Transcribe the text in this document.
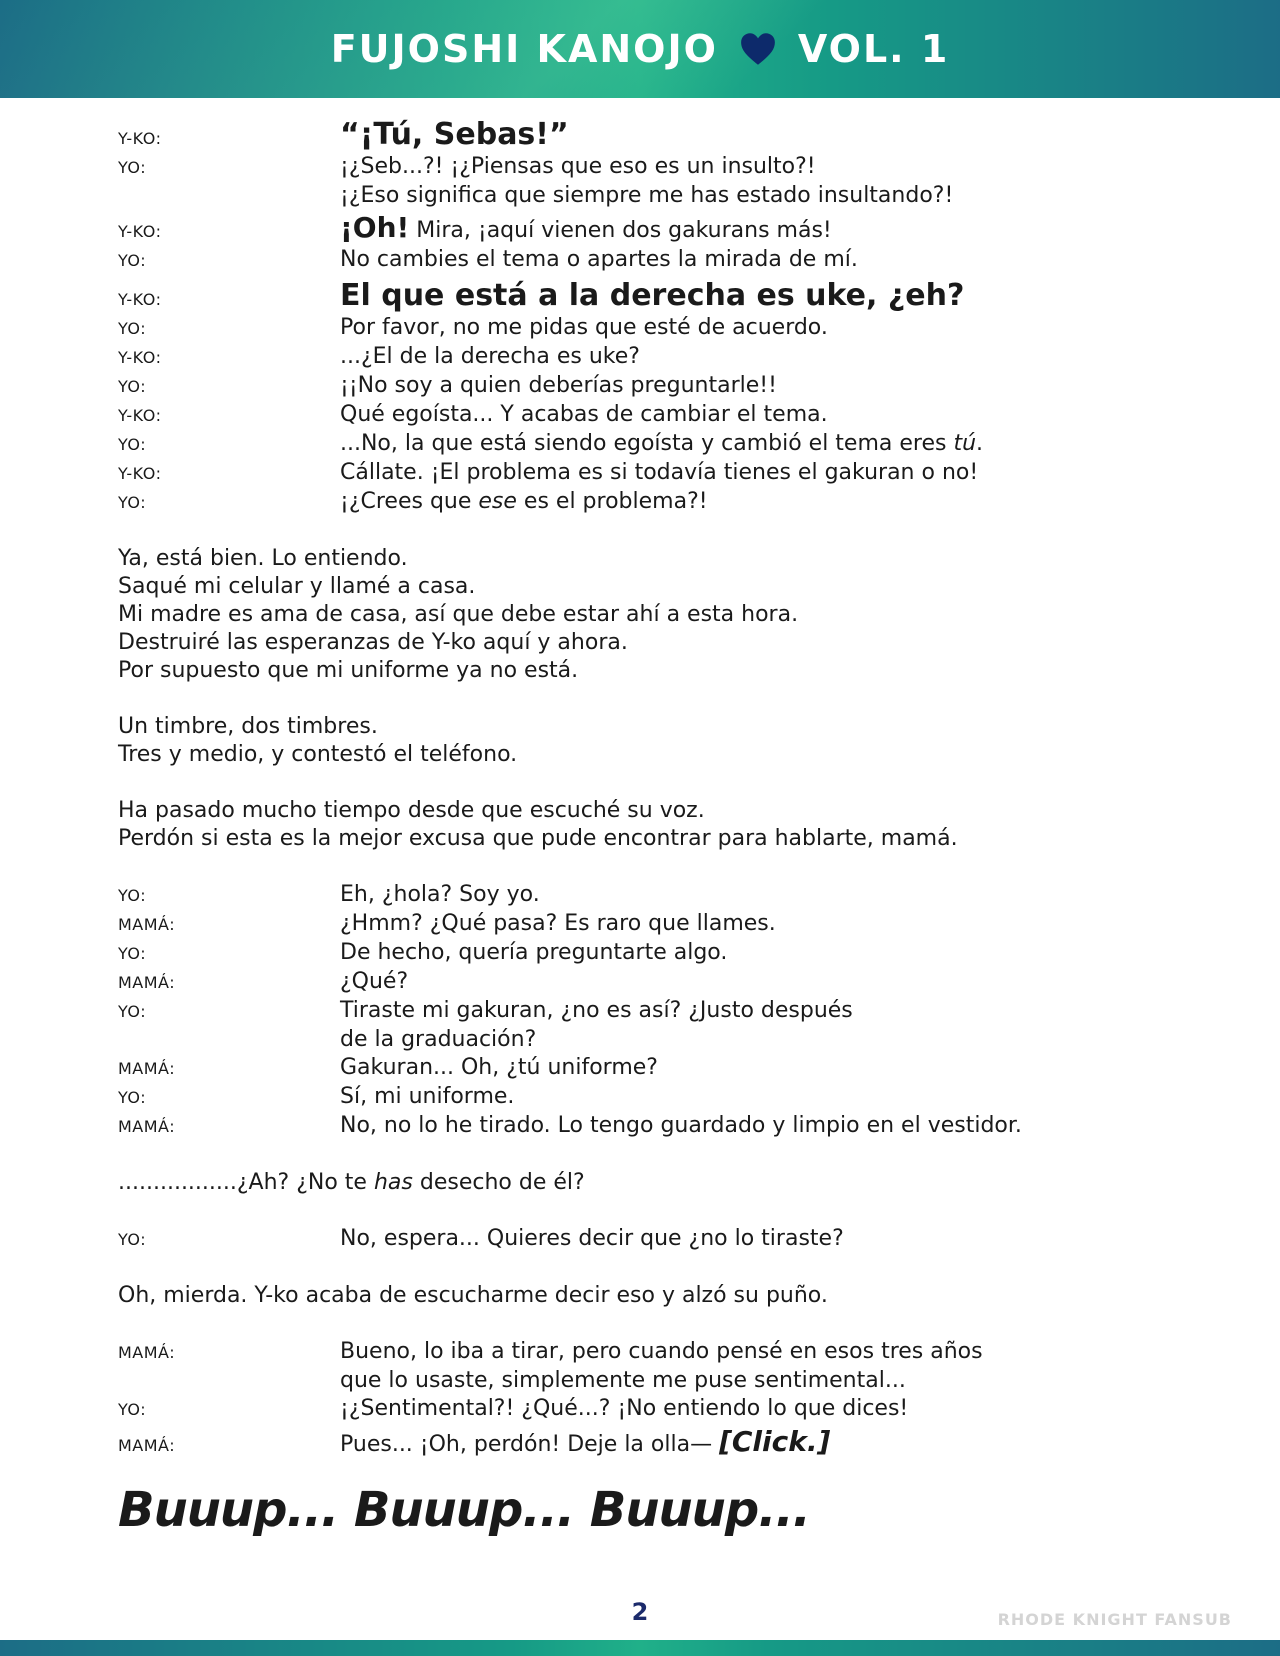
FUJOSHI KANOJO VOL. 1
Y-KO:	“¡Tú, Sebas!”
YO:	¡¿Seb...?! ¡¿Piensas que eso es un insulto?!
¡¿Eso significa que siempre me has estado insultando?!
Y-KO:	¡Oh! Mira, ¡aquí vienen dos gakurans más!
YO:	No cambies el tema o apartes la mirada de mí.
Y-KO:	El que está a la derecha es uke, ¿eh?
YO:	Por favor, no me pidas que esté de acuerdo.
Y-KO:	...¿El de la derecha es uke?
YO:	¡¡No soy a quien deberías preguntarle!!
Y-KO:	Qué egoísta... Y acabas de cambiar el tema.
YO:	...No, la que está siendo egoísta y cambió el tema eres tú.
Y-KO:	Cállate. ¡El problema es si todavía tienes el gakuran o no!
YO:	¡¿Crees que ese es el problema?!
Ya, está bien. Lo entiendo.
Saqué mi celular y llamé a casa.
Mi madre es ama de casa, así que debe estar ahí a esta hora.
Destruiré las esperanzas de Y-ko aquí y ahora.
Por supuesto que mi uniforme ya no está.
Un timbre, dos timbres.
Tres y medio, y contestó el teléfono.
Ha pasado mucho tiempo desde que escuché su voz.
Perdón si esta es la mejor excusa que pude encontrar para hablarte, mamá.
YO:	Eh, ¿hola? Soy yo.
MAMÁ:	¿Hmm? ¿Qué pasa? Es raro que llames.
YO:	De hecho, quería preguntarte algo.
MAMÁ:	¿Qué?
YO:	Tiraste mi gakuran, ¿no es así? ¿Justo después
de la graduación?
MAMÁ:	Gakuran... Oh, ¿tú uniforme?
YO:	Sí, mi uniforme.
MAMÁ:	No, no lo he tirado. Lo tengo guardado y limpio en el vestidor.
.................¿Ah? ¿No te has desecho de él?
YO:	No, espera... Quieres decir que ¿no lo tiraste?
Oh, mierda. Y-ko acaba de escucharme decir eso y alzó su puño.
MAMÁ:	Bueno, lo iba a tirar, pero cuando pensé en esos tres años
que lo usaste, simplemente me puse sentimental...
YO:	¡¿Sentimental?! ¿Qué...? ¡No entiendo lo que dices!
MAMÁ:	Pues... ¡Oh, perdón! Deje la olla— [Click.]
Buuup... Buuup... Buuup...
2	RHODE KNIGHT FANSUB
